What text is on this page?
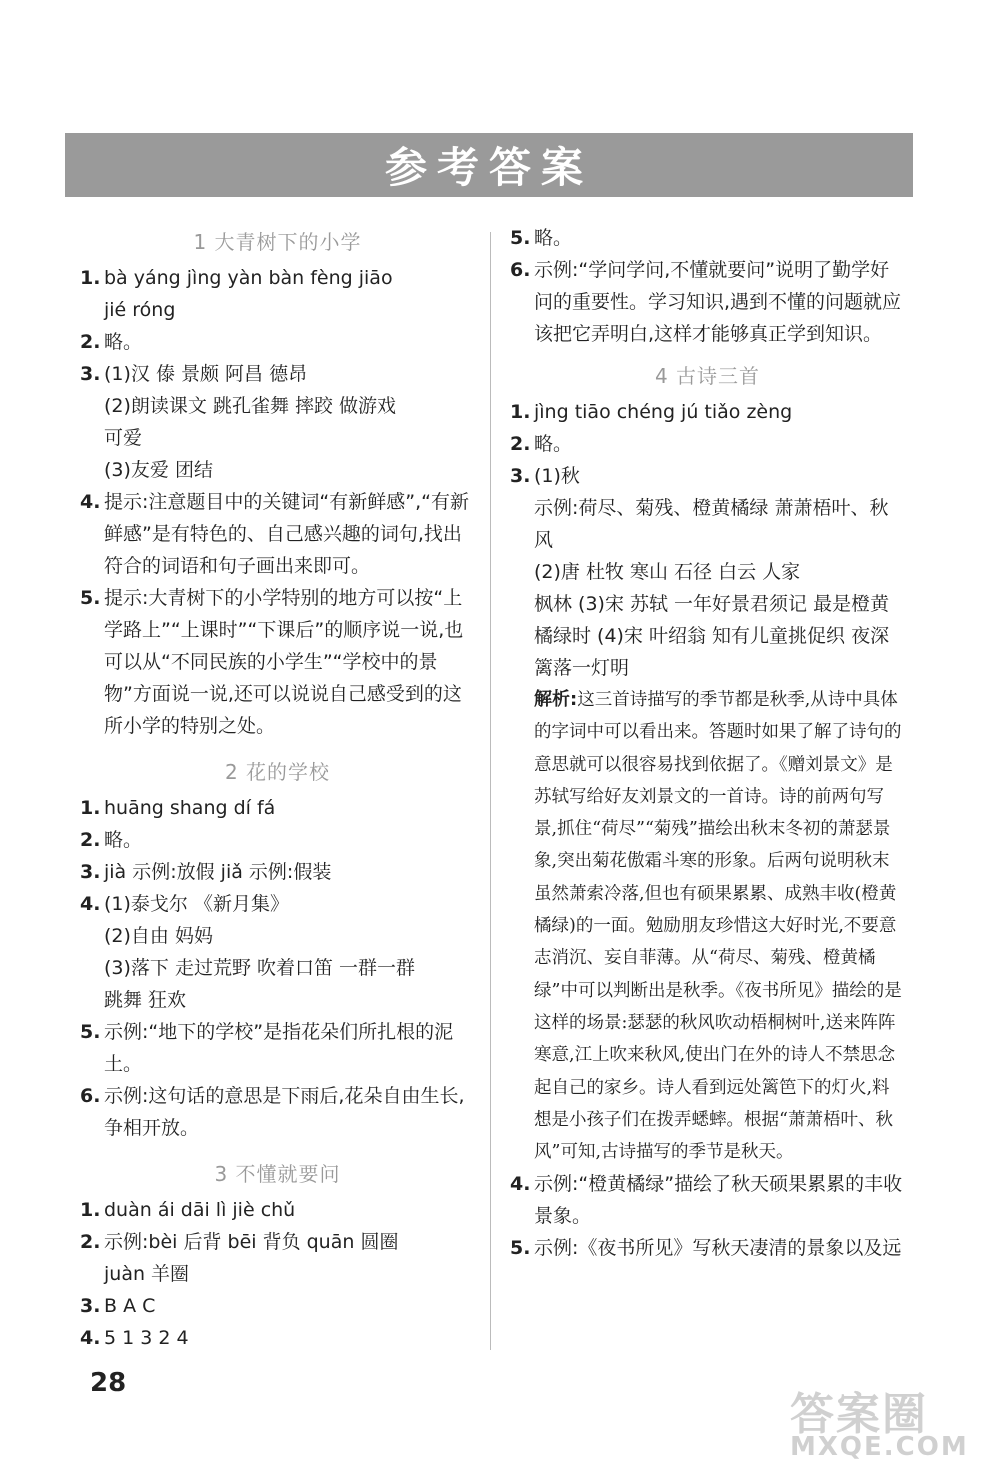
参考答案
1 大青树下的小学
1. bà yáng jìng yàn bàn fèng jiāo

jié róng

2. 略。

3. (1)汉 傣 景颇 阿昌 德昂

(2)朗读课文 跳孔雀舞 摔跤 做游戏

可爱

(3)友爱 团结

4. 提示:注意题目中的关键词“有新鲜感”,“有新鲜感”是有特色的、自己感兴趣的词句,找出符合的词语和句子画出来即可。

5. 提示:大青树下的小学特别的地方可以按“上学路上”“上课时”“下课后”的顺序说一说,也可以从“不同民族的小学生”“学校中的景物”方面说一说,还可以说说自己感受到的这所小学的特别之处。

2 花的学校
1. huāng shang dí fá

2. 略。

3. jià 示例:放假 jiǎ 示例:假装

4. (1)泰戈尔 《新月集》

(2)自由 妈妈

(3)落下 走过荒野 吹着口笛 一群一群

跳舞 狂欢

5. 示例:“地下的学校”是指花朵们所扎根的泥土。

6. 示例:这句话的意思是下雨后,花朵自由生长,争相开放。

3 不懂就要问
1. duàn ái dāi lì jiè chǔ

2. 示例:bèi 后背 bēi 背负 quān 圆圈

juàn 羊圈

3. B A C

4. 5 1 3 2 4

5. 略。

6. 示例:“学问学问,不懂就要问”说明了勤学好问的重要性。学习知识,遇到不懂的问题就应该把它弄明白,这样才能够真正学到知识。

4 古诗三首
1. jìng tiāo chéng jú tiǎo zèng

2. 略。

3. (1)秋

示例:荷尽、菊残、橙黄橘绿 萧萧梧叶、秋风

(2)唐 杜牧 寒山 石径 白云 人家

枫林 (3)宋 苏轼 一年好景君须记 最是橙黄橘绿时 (4)宋 叶绍翁 知有儿童挑促织 夜深篱落一灯明

解析:这三首诗描写的季节都是秋季,从诗中具体的字词中可以看出来。答题时如果了解了诗句的意思就可以很容易找到依据了。《赠刘景文》是苏轼写给好友刘景文的一首诗。诗的前两句写景,抓住“荷尽”“菊残”描绘出秋末冬初的萧瑟景象,突出菊花傲霜斗寒的形象。后两句说明秋末虽然萧索冷落,但也有硕果累累、成熟丰收(橙黄橘绿)的一面。勉励朋友珍惜这大好时光,不要意志消沉、妄自菲薄。从“荷尽、菊残、橙黄橘绿”中可以判断出是秋季。《夜书所见》描绘的是这样的场景:瑟瑟的秋风吹动梧桐树叶,送来阵阵寒意,江上吹来秋风,使出门在外的诗人不禁思念起自己的家乡。诗人看到远处篱笆下的灯火,料想是小孩子们在拨弄蟋蟀。根据“萧萧梧叶、秋风”可知,古诗描写的季节是秋天。
4. 示例:“橙黄橘绿”描绘了秋天硕果累累的丰收景象。

5. 示例:《夜书所见》写秋天凄清的景象以及远

28
答案圈
MXQE.COM
